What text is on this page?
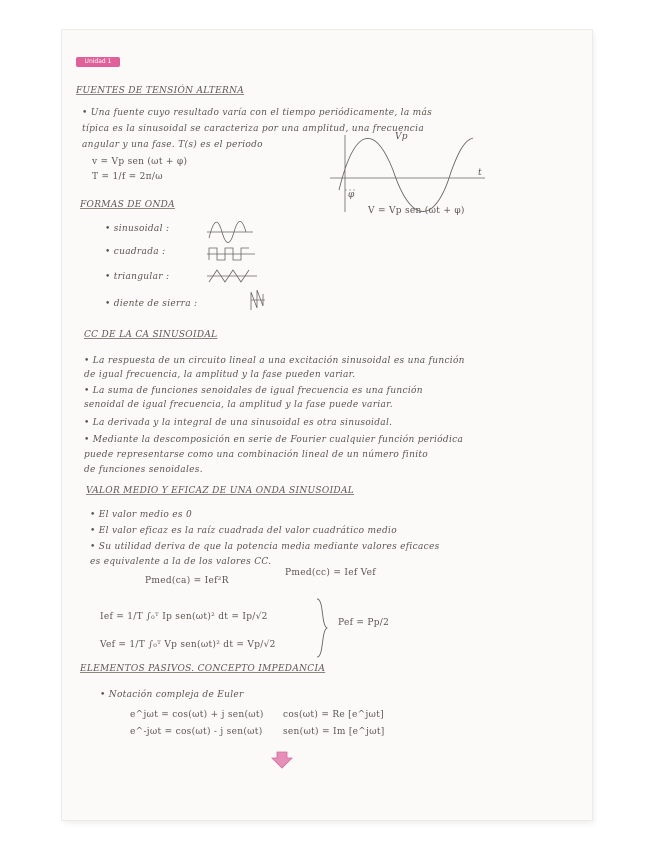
Unidad 1
FUENTES DE TENSIÓN ALTERNA
• Una fuente cuyo resultado varía con el tiempo periódicamente, la más
típica es la sinusoidal se caracteriza por una amplitud, una frecuencia
angular y una fase. T(s) es el periodo
v = Vp sen (ωt + φ)
T = 1/f = 2π/ω
Vp
t
φ
V = Vp sen (ωt + φ)
FORMAS DE ONDA
• sinusoidal :
• cuadrada :
• triangular :
• diente de sierra :
CC DE LA CA SINUSOIDAL
• La respuesta de un circuito lineal a una excitación sinusoidal es una función
de igual frecuencia, la amplitud y la fase pueden variar.
• La suma de funciones senoidales de igual frecuencia es una función
senoidal de igual frecuencia, la amplitud y la fase puede variar.
• La derivada y la integral de una sinusoidal es otra sinusoidal.
• Mediante la descomposición en serie de Fourier cualquier función periódica
puede representarse como una combinación lineal de un número finito
de funciones senoidales.
VALOR MEDIO Y EFICAZ DE UNA ONDA SINUSOIDAL
• El valor medio es 0
• El valor eficaz es la raíz cuadrada del valor cuadrático medio
• Su utilidad deriva de que la potencia media mediante valores eficaces
es equivalente a la de los valores CC.
Pmed(ca) = Ief²R
Pmed(cc) = Ief Vef
Ief = 1/T ∫₀ᵀ Ip sen(ωt)² dt = Ip/√2
Vef = 1/T ∫₀ᵀ Vp sen(ωt)² dt = Vp/√2
Pef = Pp/2
ELEMENTOS PASIVOS. CONCEPTO IMPEDANCIA
• Notación compleja de Euler
e^jωt = cos(ωt) + j sen(ωt) cos(ωt) = Re [e^jωt]
e^-jωt = cos(ωt) - j sen(ωt) sen(ωt) = Im [e^jωt]
